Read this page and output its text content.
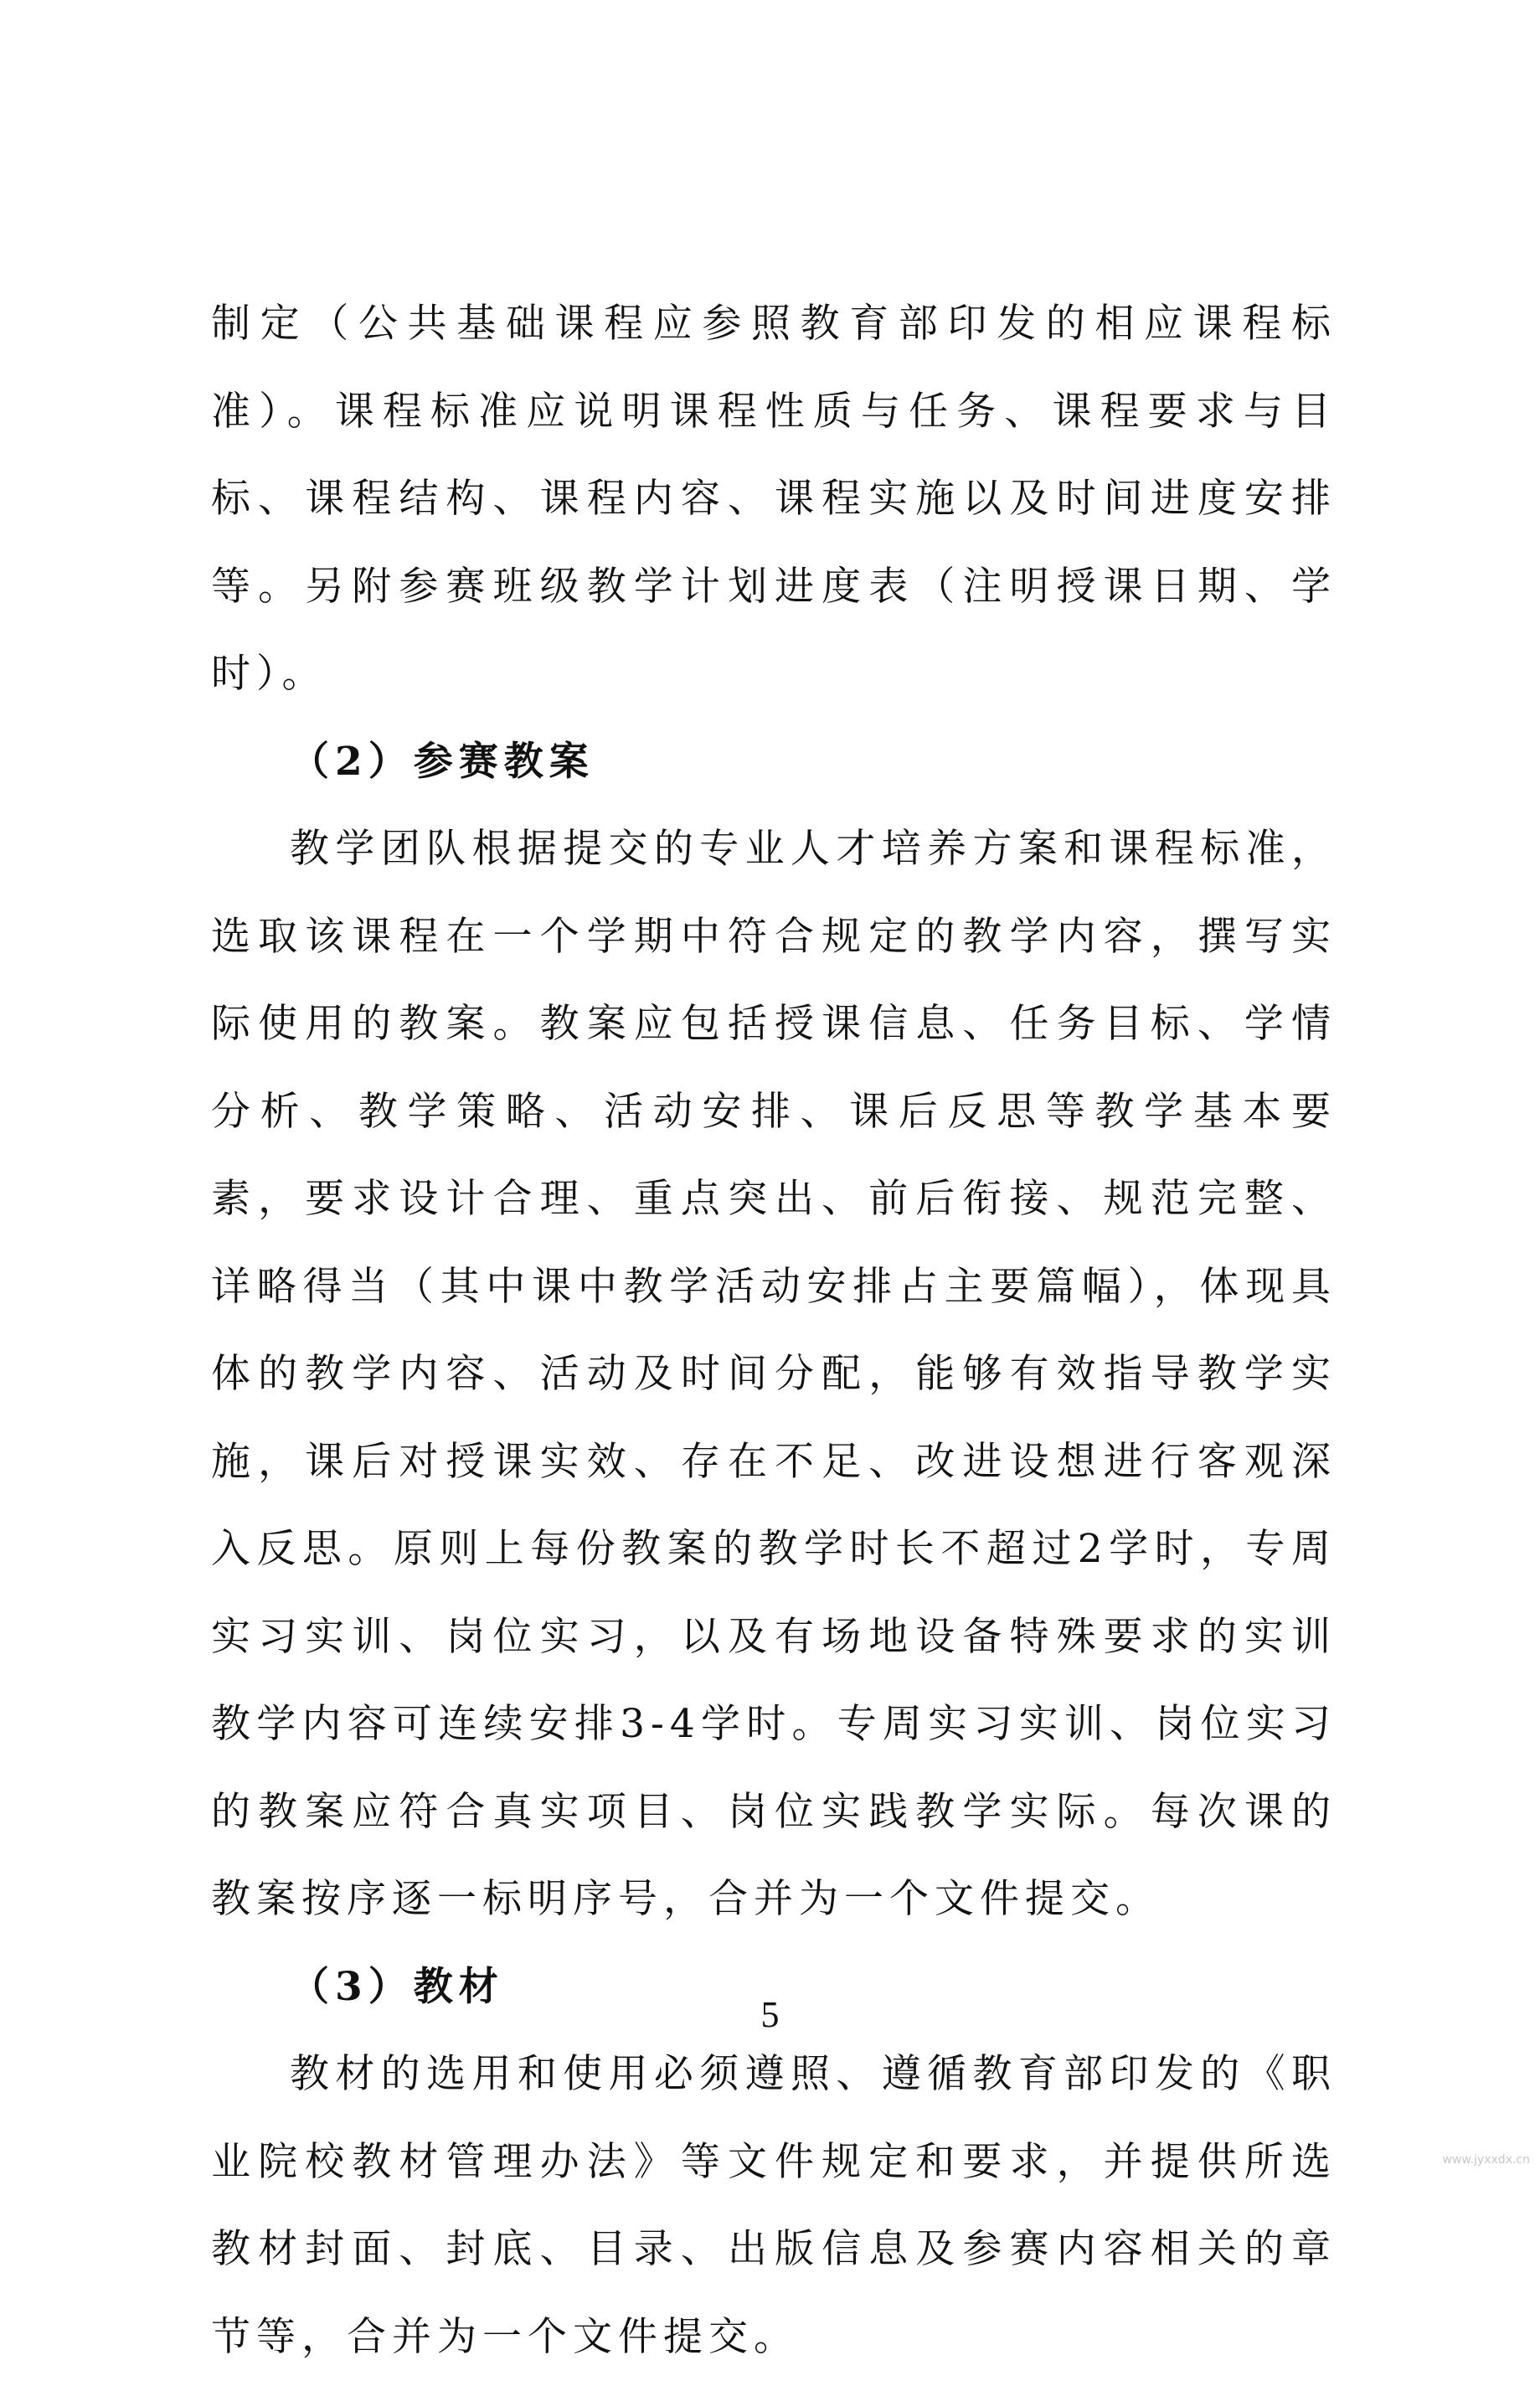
制定（公共基础课程应参照教育部印发的相应课程标准）。课程标准应说明课程性质与任务、课程要求与目标、课程结构、课程内容、课程实施以及时间进度安排等。另附参赛班级教学计划进度表（注明授课日期、学时）。

（2）参赛教案

教学团队根据提交的专业人才培养方案和课程标准，选取该课程在一个学期中符合规定的教学内容，撰写实际使用的教案。教案应包括授课信息、任务目标、学情分析、教学策略、活动安排、课后反思等教学基本要素，要求设计合理、重点突出、前后衔接、规范完整、详略得当（其中课中教学活动安排占主要篇幅），体现具体的教学内容、活动及时间分配，能够有效指导教学实施，课后对授课实效、存在不足、改进设想进行客观深入反思。原则上每份教案的教学时长不超过2学时，专周实习实训、岗位实习，以及有场地设备特殊要求的实训教学内容可连续安排3-4学时。专周实习实训、岗位实习的教案应符合真实项目、岗位实践教学实际。每次课的教案按序逐一标明序号，合并为一个文件提交。

（3）教材

教材的选用和使用必须遵照、遵循教育部印发的《职业院校教材管理办法》等文件规定和要求，并提供所选教材封面、封底、目录、出版信息及参赛内容相关的章节等，合并为一个文件提交。

5
www.jyxxdx.cn
